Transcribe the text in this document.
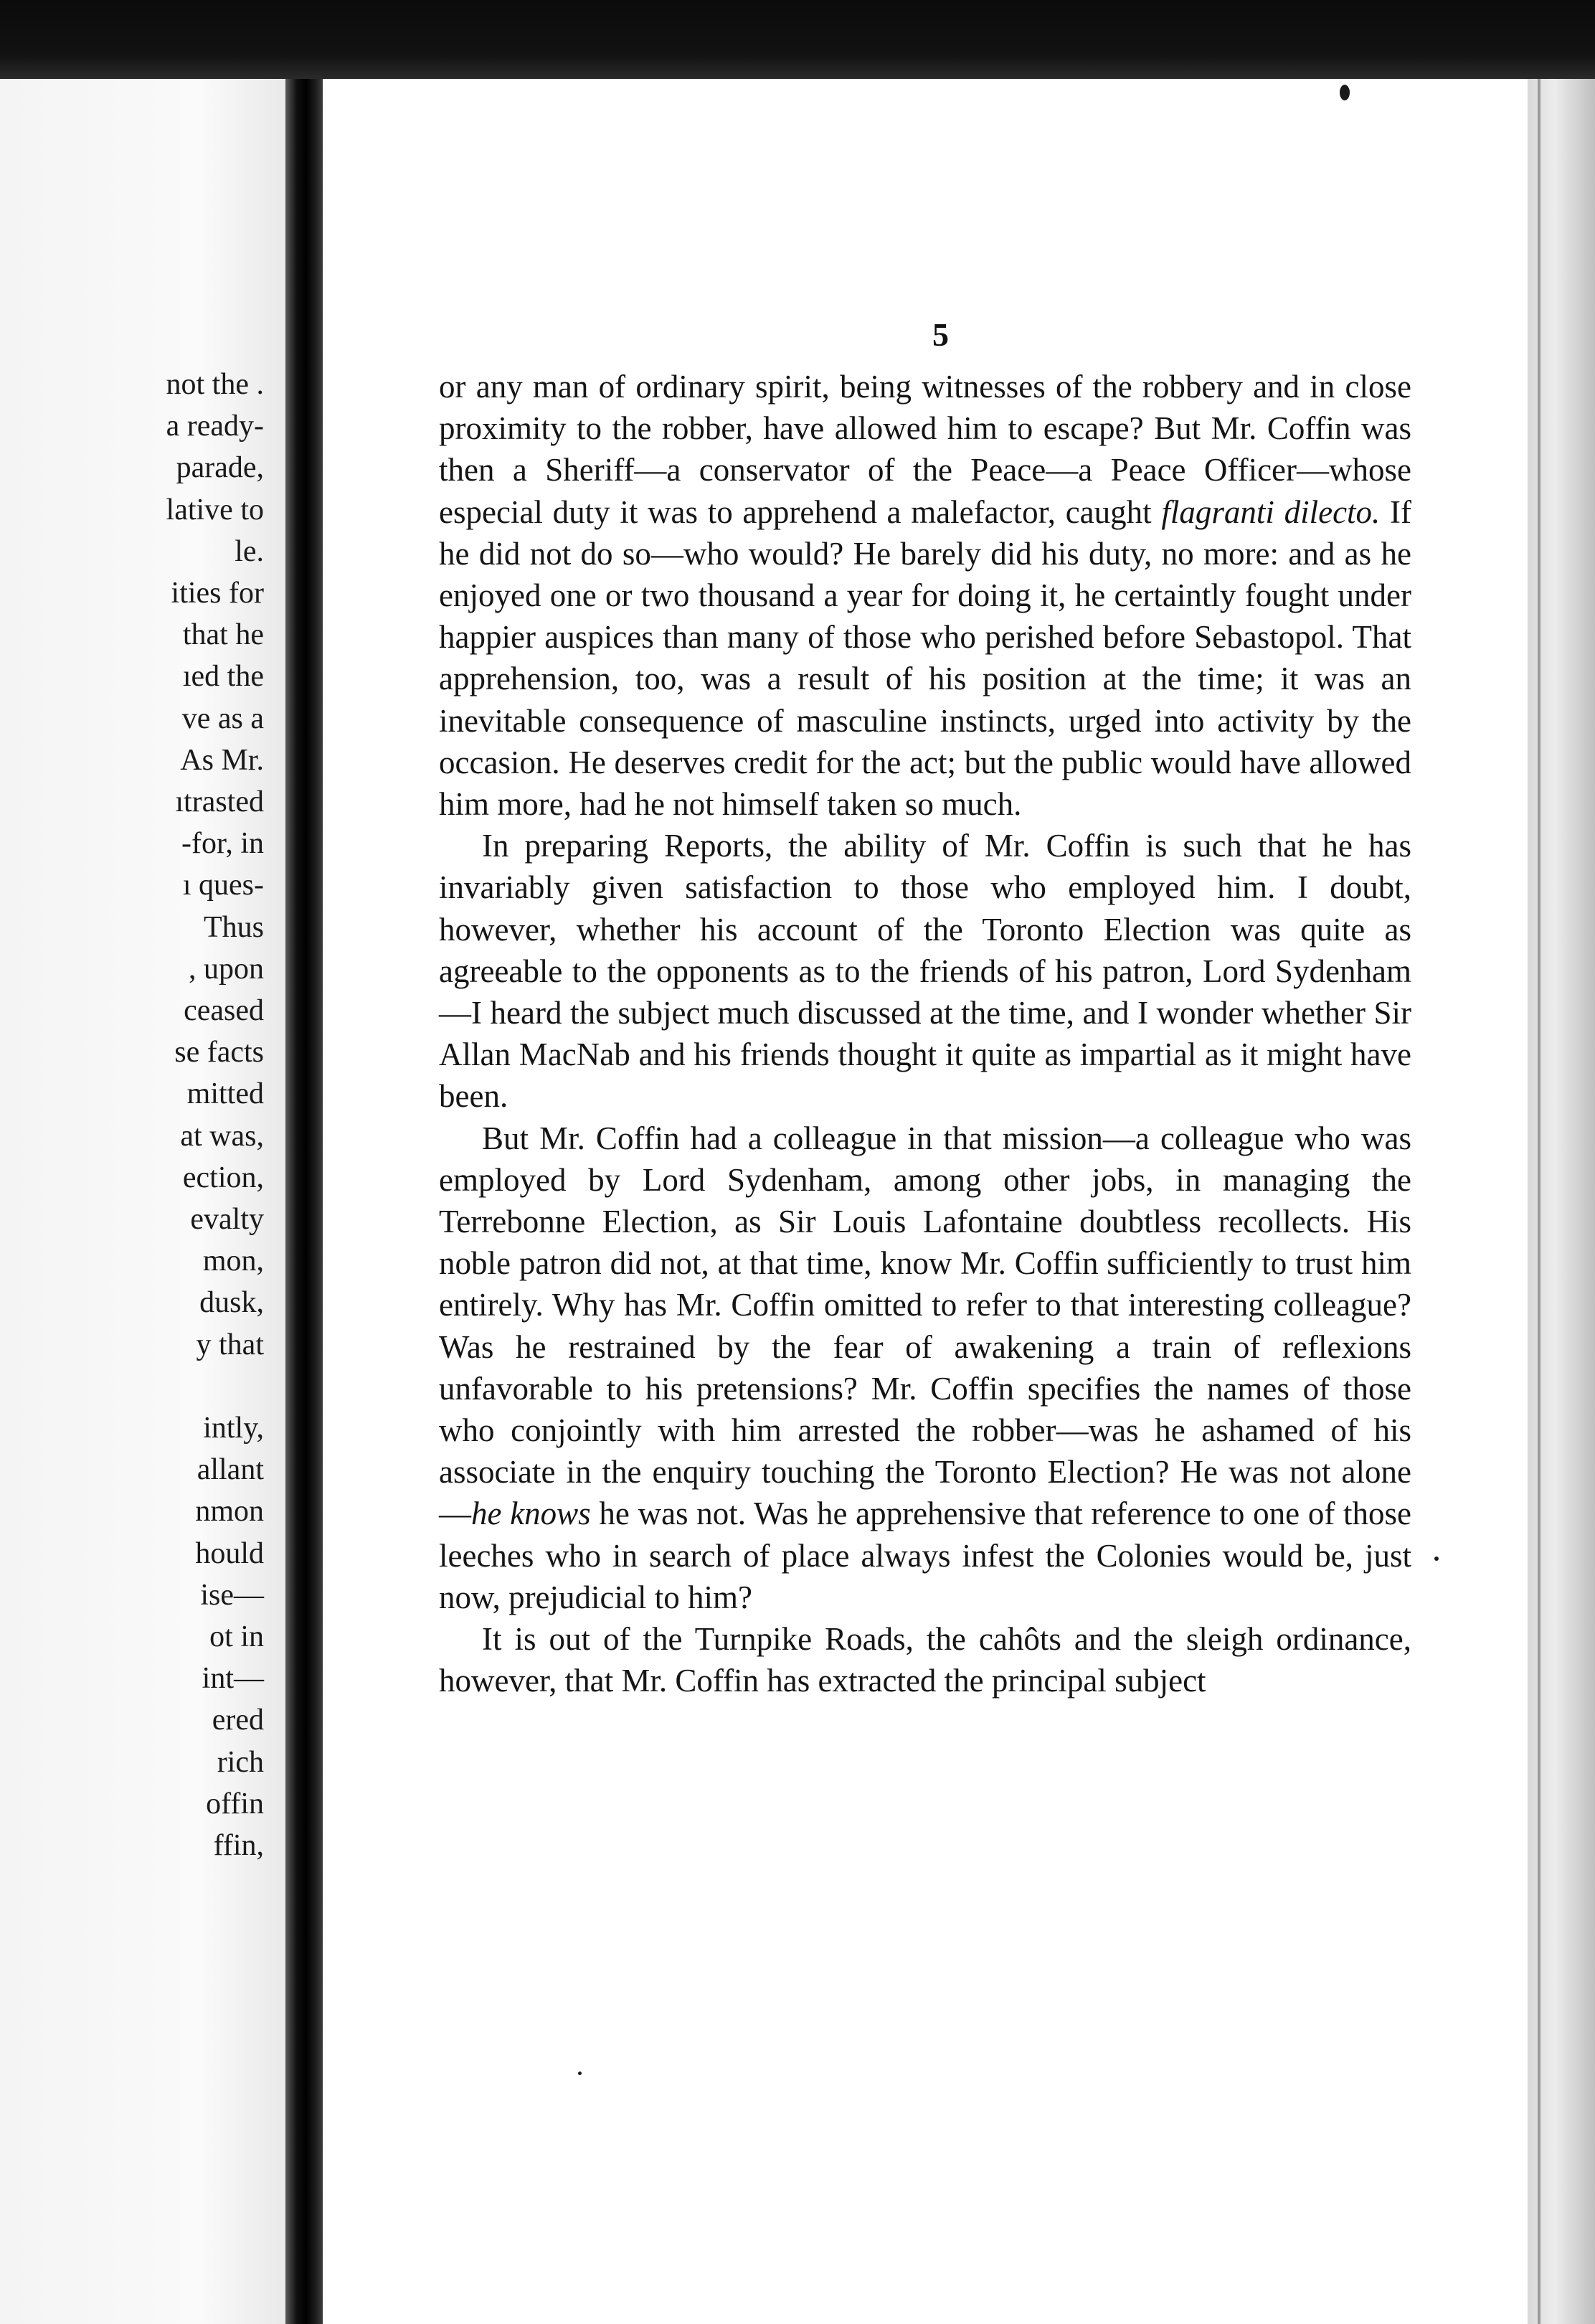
not the .

a ready-

parade,

lative to

le.

ities for

that he

ıed the

ve as a

As Mr.

ıtrasted

-for, in

ı ques-

Thus

, upon

ceased

se facts

mitted

at was,

ection,

evalty

mon,

dusk,

y that

intly,

allant

nmon

hould

ise—

ot in

int—

ered

rich

offin

ffin,

5

or any man of ordinary spirit, being witnesses of the robbery and in close proximity to the robber, have allowed him to escape? But Mr. Coffin was then a Sheriff—a conservator of the Peace—a Peace Officer—whose especial duty it was to apprehend a malefactor, caught flagranti dilecto. If he did not do so—who would? He barely did his duty, no more: and as he enjoyed one or two thousand a year for doing it, he certaintly fought under happier auspices than many of those who perished before Sebastopol. That apprehension, too, was a result of his position at the time; it was an inevitable consequence of masculine instincts, urged into activity by the occasion. He deserves credit for the act; but the public would have allowed him more, had he not himself taken so much.

In preparing Reports, the ability of Mr. Coffin is such that he has invariably given satisfaction to those who employed him. I doubt, however, whether his account of the Toronto Election was quite as agreeable to the opponents as to the friends of his patron, Lord Sydenham—I heard the subject much discussed at the time, and I wonder whether Sir Allan MacNab and his friends thought it quite as impartial as it might have been.

But Mr. Coffin had a colleague in that mission—a colleague who was employed by Lord Sydenham, among other jobs, in managing the Terrebonne Election, as Sir Louis Lafontaine doubtless recollects. His noble patron did not, at that time, know Mr. Coffin sufficiently to trust him entirely. Why has Mr. Coffin omitted to refer to that interesting colleague? Was he restrained by the fear of awakening a train of reflexions unfavorable to his pretensions? Mr. Coffin specifies the names of those who conjointly with him arrested the robber—was he ashamed of his associate in the enquiry touching the Toronto Election? He was not alone—he knows he was not. Was he apprehensive that reference to one of those leeches who in search of place always infest the Colonies would be, just now, prejudicial to him?

It is out of the Turnpike Roads, the cahôts and the sleigh ordinance, however, that Mr. Coffin has extracted the principal subject
